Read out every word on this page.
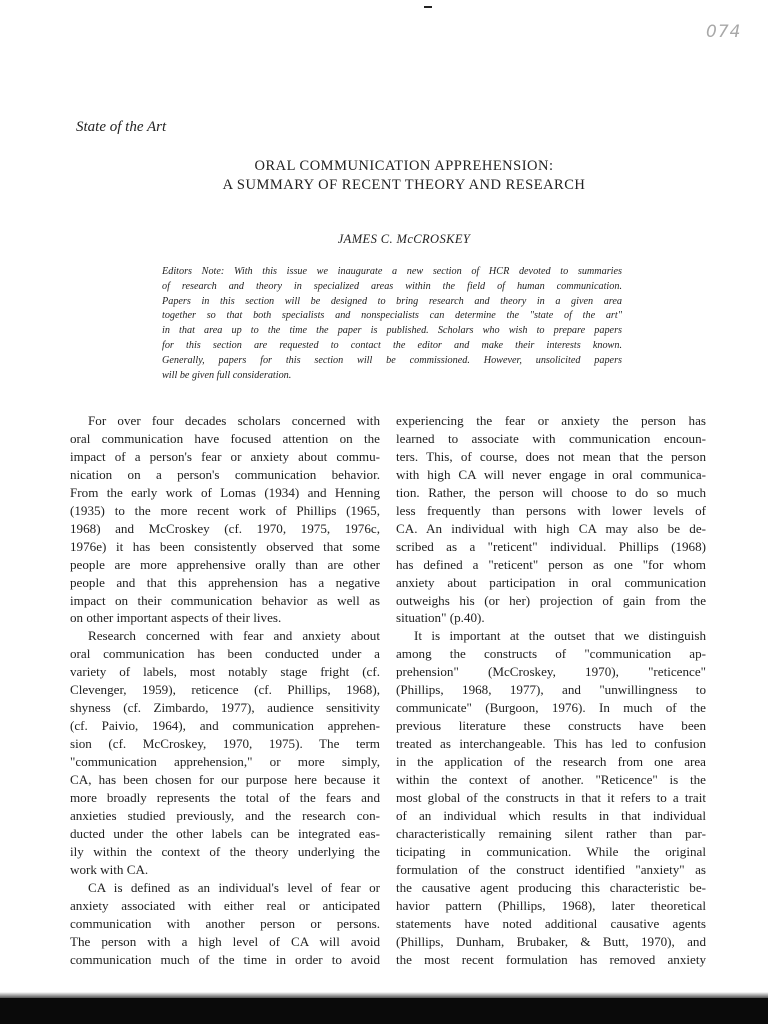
074
State of the Art
ORAL COMMUNICATION APPREHENSION:
A SUMMARY OF RECENT THEORY AND RESEARCH
JAMES C. McCROSKEY
Editors Note: With this issue we inaugurate a new section of HCR devoted to summaries
of research and theory in specialized areas within the field of human communication.
Papers in this section will be designed to bring research and theory in a given area
together so that both specialists and nonspecialists can determine the "state of the art"
in that area up to the time the paper is published. Scholars who wish to prepare papers
for this section are requested to contact the editor and make their interests known.
Generally, papers for this section will be commissioned. However, unsolicited papers
will be given full consideration.
For over four decades scholars concerned with
oral communication have focused attention on the
impact of a person's fear or anxiety about commu-
nication on a person's communication behavior.
From the early work of Lomas (1934) and Henning
(1935) to the more recent work of Phillips (1965,
1968) and McCroskey (cf. 1970, 1975, 1976c,
1976e) it has been consistently observed that some
people are more apprehensive orally than are other
people and that this apprehension has a negative
impact on their communication behavior as well as
on other important aspects of their lives.
Research concerned with fear and anxiety about
oral communication has been conducted under a
variety of labels, most notably stage fright (cf.
Clevenger, 1959), reticence (cf. Phillips, 1968),
shyness (cf. Zimbardo, 1977), audience sensitivity
(cf. Paivio, 1964), and communication apprehen-
sion (cf. McCroskey, 1970, 1975). The term
"communication apprehension," or more simply,
CA, has been chosen for our purpose here because it
more broadly represents the total of the fears and
anxieties studied previously, and the research con-
ducted under the other labels can be integrated eas-
ily within the context of the theory underlying the
work with CA.
CA is defined as an individual's level of fear or
anxiety associated with either real or anticipated
communication with another person or persons.
The person with a high level of CA will avoid
communication much of the time in order to avoid
experiencing the fear or anxiety the person has
learned to associate with communication encoun-
ters. This, of course, does not mean that the person
with high CA will never engage in oral communica-
tion. Rather, the person will choose to do so much
less frequently than persons with lower levels of
CA. An individual with high CA may also be de-
scribed as a "reticent" individual. Phillips (1968)
has defined a "reticent" person as one "for whom
anxiety about participation in oral communication
outweighs his (or her) projection of gain from the
situation" (p.40).
It is important at the outset that we distinguish
among the constructs of "communication ap-
prehension" (McCroskey, 1970), "reticence"
(Phillips, 1968, 1977), and "unwillingness to
communicate" (Burgoon, 1976). In much of the
previous literature these constructs have been
treated as interchangeable. This has led to confusion
in the application of the research from one area
within the context of another. "Reticence" is the
most global of the constructs in that it refers to a trait
of an individual which results in that individual
characteristically remaining silent rather than par-
ticipating in communication. While the original
formulation of the construct identified "anxiety" as
the causative agent producing this characteristic be-
havior pattern (Phillips, 1968), later theoretical
statements have noted additional causative agents
(Phillips, Dunham, Brubaker, & Butt, 1970), and
the most recent formulation has removed anxiety
